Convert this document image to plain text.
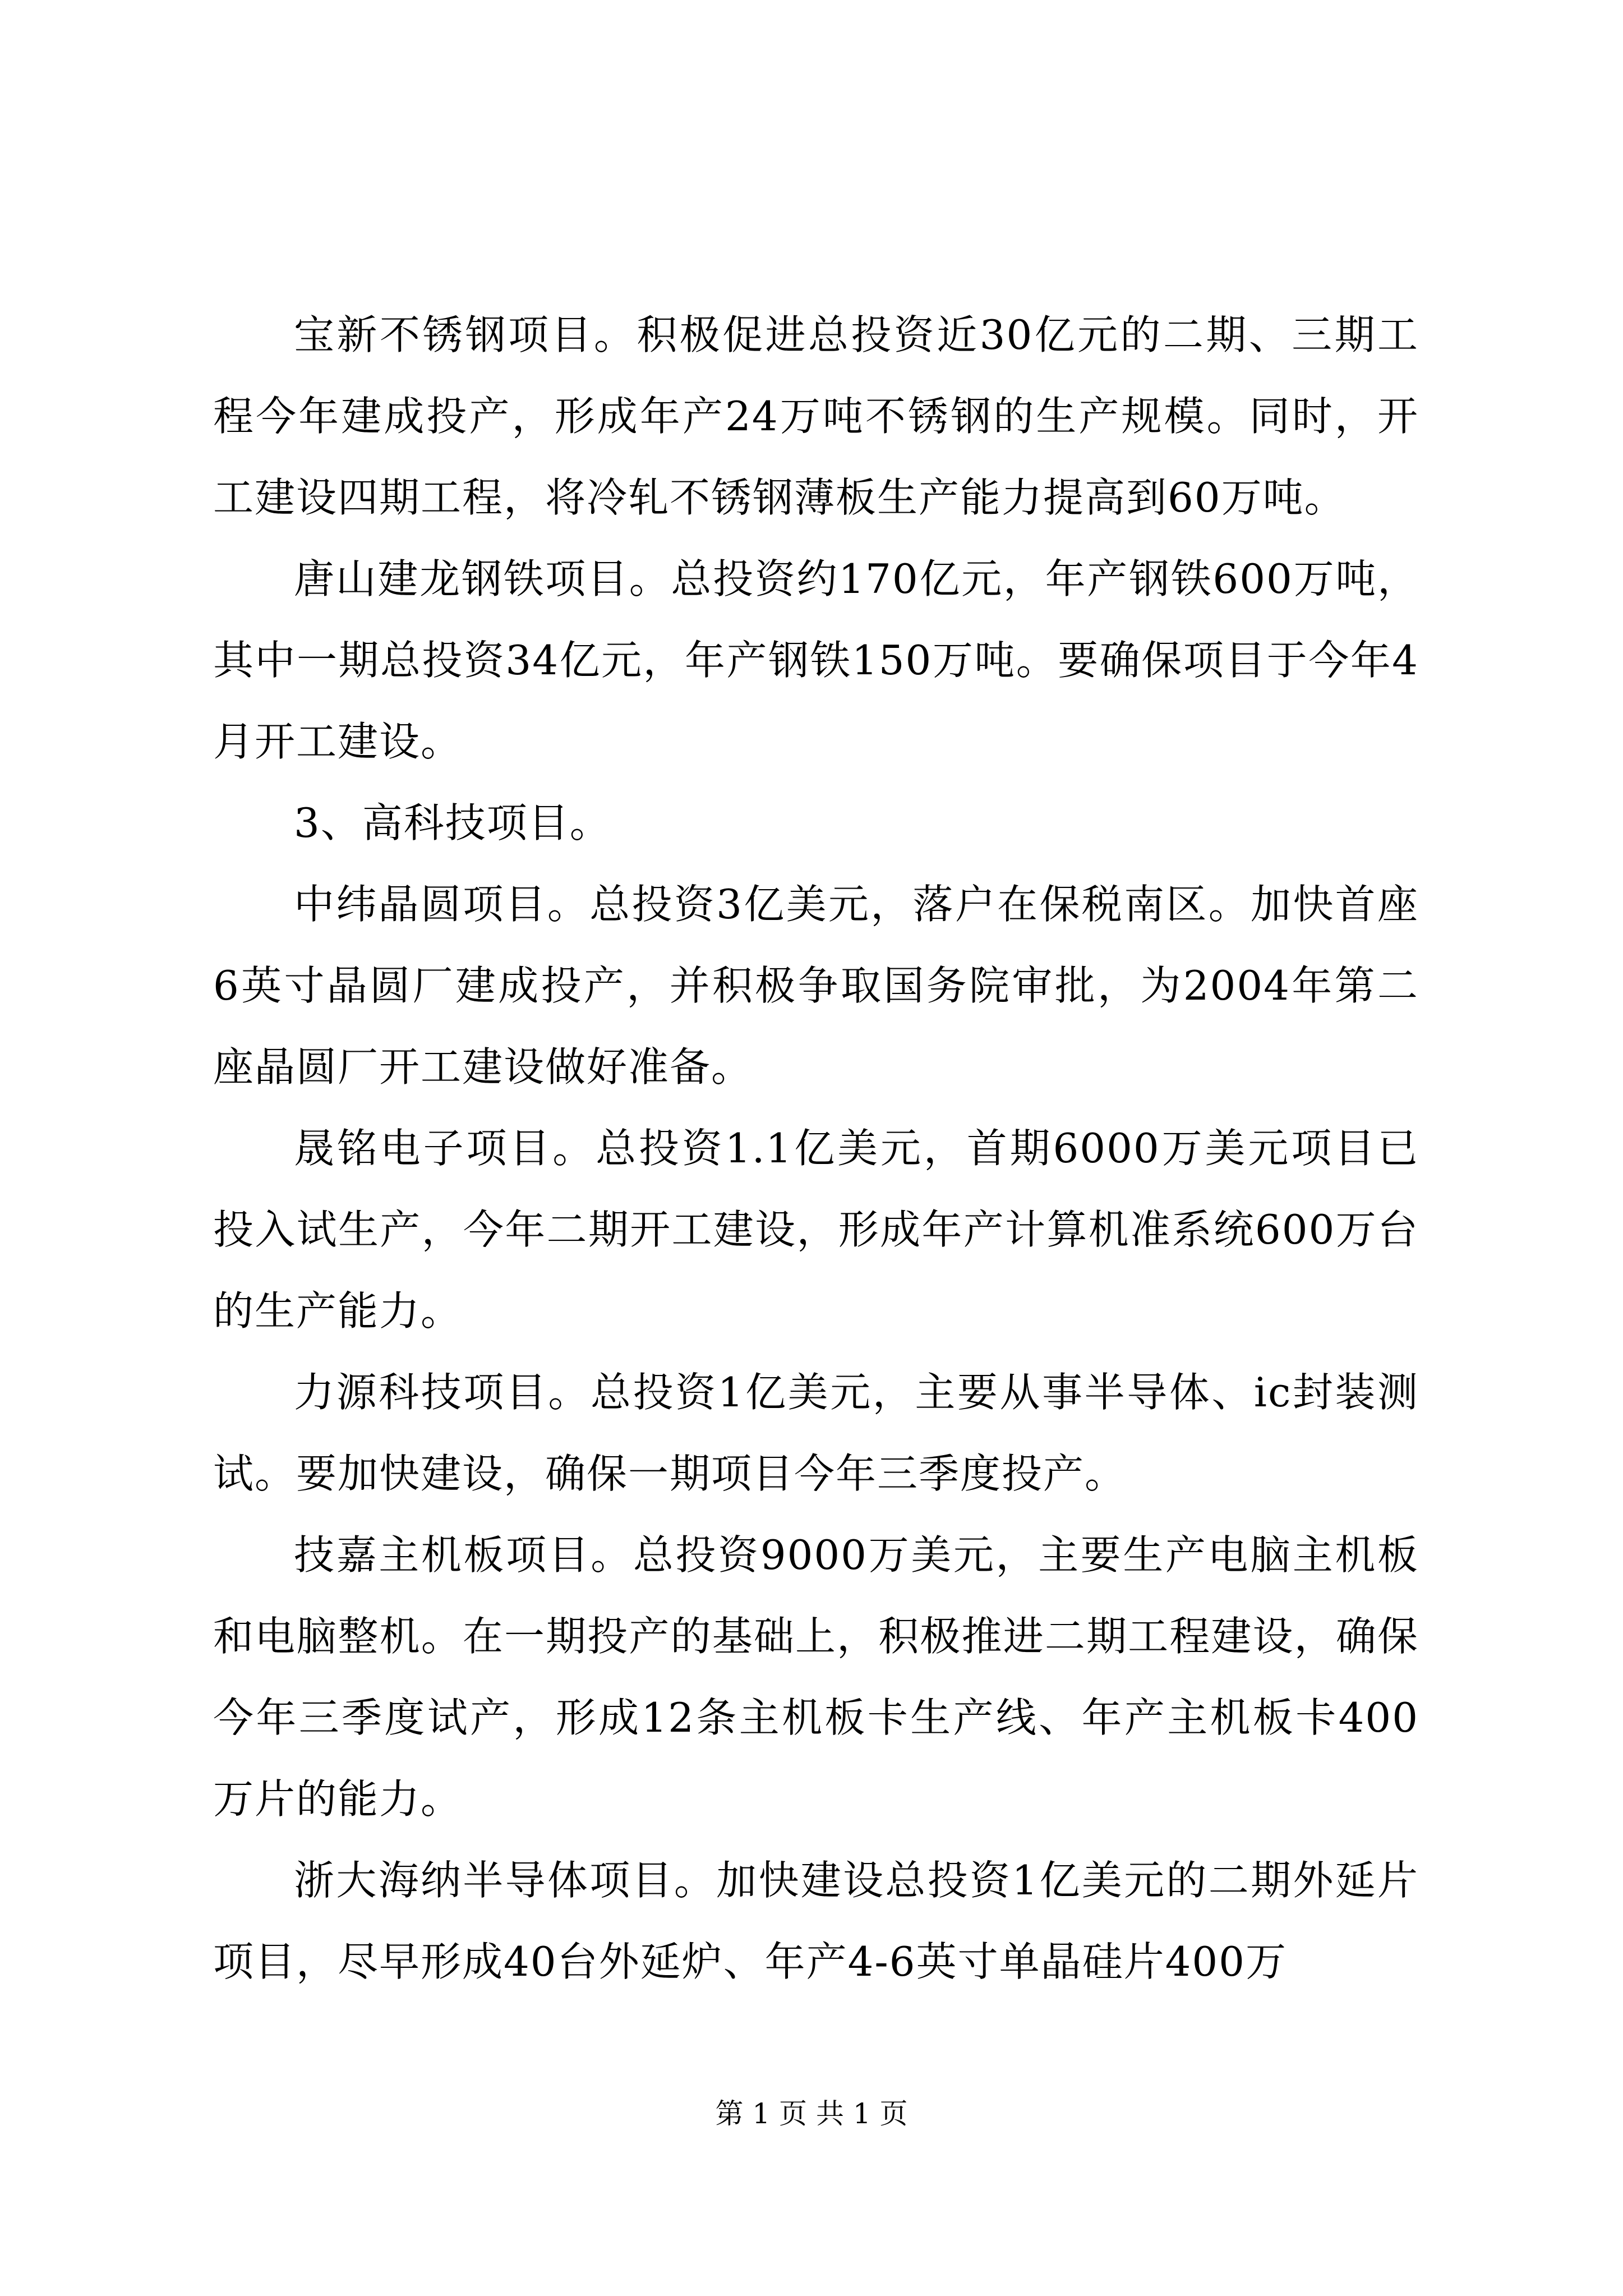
宝新不锈钢项目。积极促进总投资近30亿元的二期、三期工程今年建成投产，形成年产24万吨不锈钢的生产规模。同时，开工建设四期工程，将冷轧不锈钢薄板生产能力提高到60万吨。

唐山建龙钢铁项目。总投资约170亿元，年产钢铁600万吨，其中一期总投资34亿元，年产钢铁150万吨。要确保项目于今年4月开工建设。

3、高科技项目。

中纬晶圆项目。总投资3亿美元，落户在保税南区。加快首座6英寸晶圆厂建成投产，并积极争取国务院审批，为2004年第二座晶圆厂开工建设做好准备。

晟铭电子项目。总投资1.1亿美元，首期6000万美元项目已投入试生产，今年二期开工建设，形成年产计算机准系统600万台的生产能力。

力源科技项目。总投资1亿美元，主要从事半导体、ic封装测试。要加快建设，确保一期项目今年三季度投产。

技嘉主机板项目。总投资9000万美元，主要生产电脑主机板和电脑整机。在一期投产的基础上，积极推进二期工程建设，确保今年三季度试产，形成12条主机板卡生产线、年产主机板卡400万片的能力。

浙大海纳半导体项目。加快建设总投资1亿美元的二期外延片项目，尽早形成40台外延炉、年产4-6英寸单晶硅片400万

第 1 页 共 1 页
